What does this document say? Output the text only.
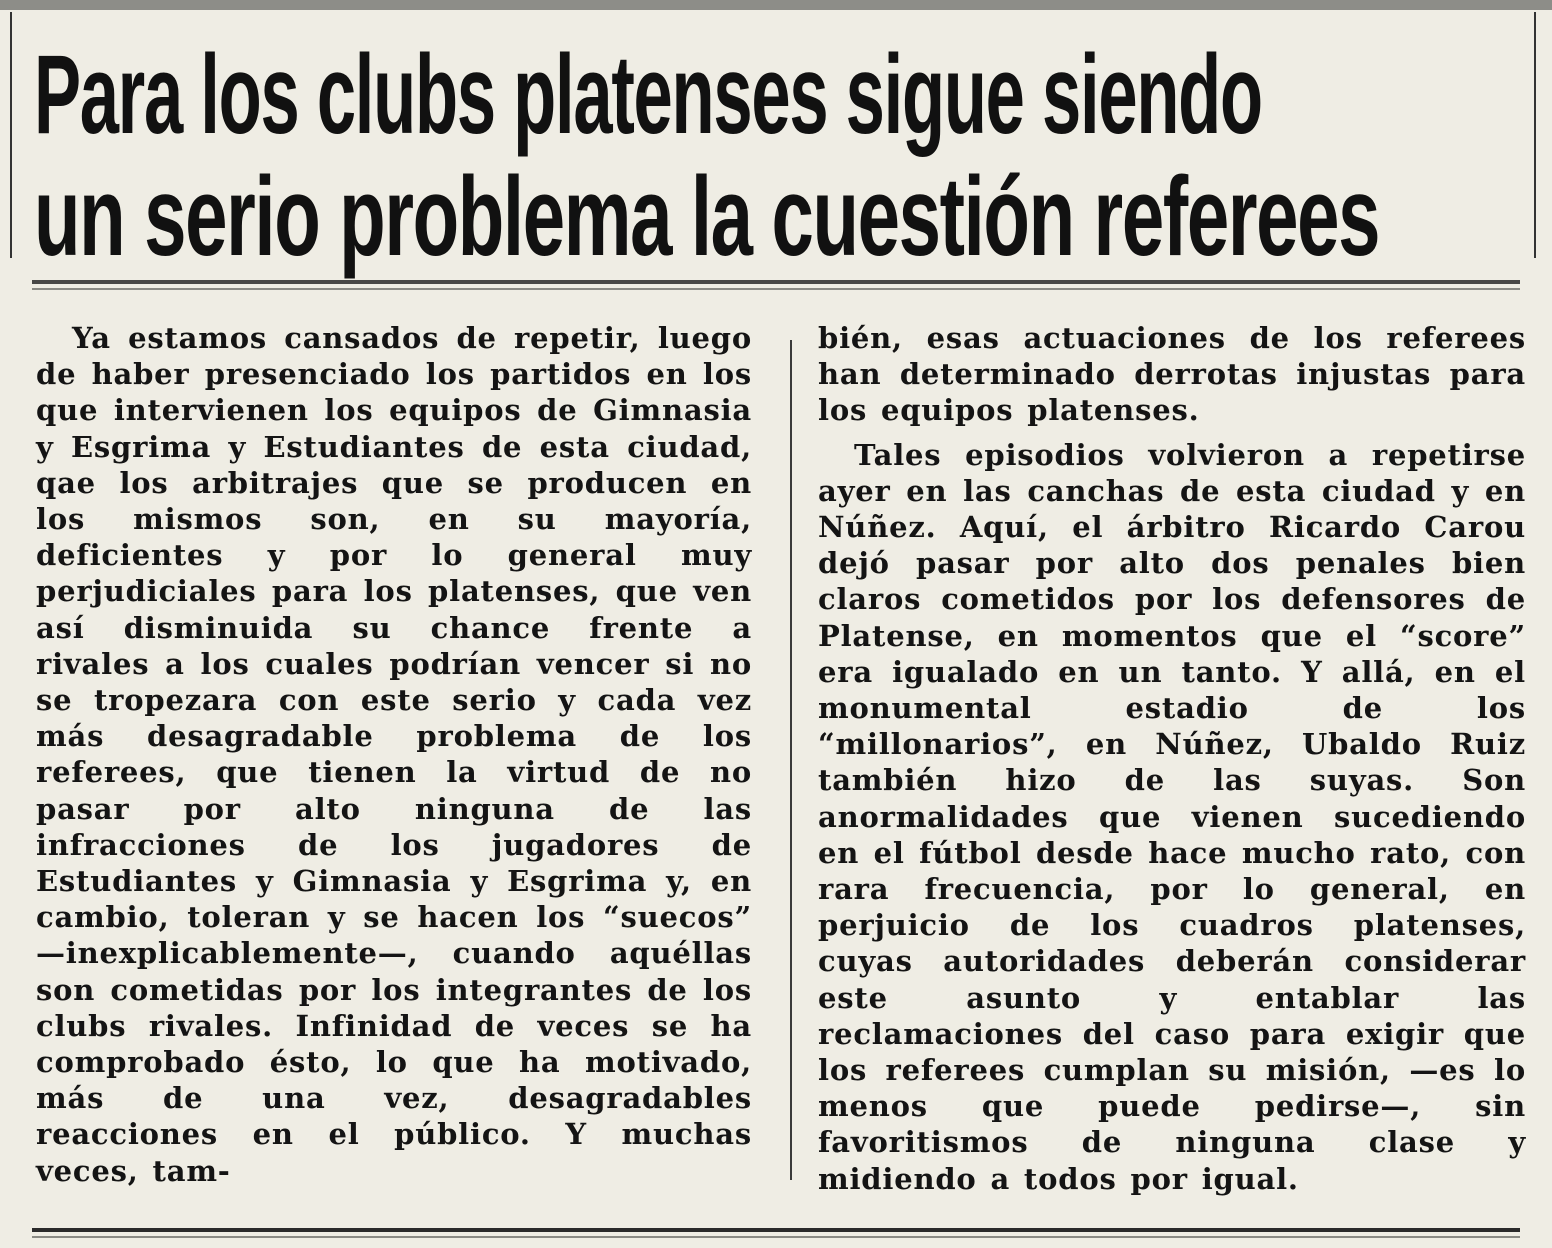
Para los clubs platenses sigue siendo
un serio problema la cuestión referees

Ya estamos cansados de repetir, luego de haber presenciado los partidos en los que intervienen los equipos de Gimnasia y Esgrima y Estudiantes de esta ciudad, qae los arbitrajes que se producen en los mismos son, en su mayoría, deficientes y por lo general muy perjudiciales para los platenses, que ven así disminuida su chance frente a rivales a los cuales podrían vencer si no se tropezara con este serio y cada vez más desagradable problema de los referees, que tienen la virtud de no pasar por alto ninguna de las infracciones de los jugadores de Estudiantes y Gimnasia y Esgrima y, en cambio, toleran y se hacen los “suecos” —inexplicablemente—, cuando aquéllas son cometidas por los integrantes de los clubs rivales. Infinidad de veces se ha comprobado ésto, lo que ha motivado, más de una vez, desagradables reacciones en el público. Y muchas veces, tam-

bién, esas actuaciones de los referees han determinado derrotas injustas para los equipos platenses.

Tales episodios volvieron a repetirse ayer en las canchas de esta ciudad y en Núñez. Aquí, el árbitro Ricardo Carou dejó pasar por alto dos penales bien claros cometidos por los defensores de Platense, en momentos que el “score” era igualado en un tanto. Y allá, en el monumental estadio de los “millonarios”, en Núñez, Ubaldo Ruiz también hizo de las suyas. Son anormalidades que vienen sucediendo en el fútbol desde hace mucho rato, con rara frecuencia, por lo general, en perjuicio de los cuadros platenses, cuyas autoridades deberán considerar este asunto y entablar las reclamaciones del caso para exigir que los referees cumplan su misión, —es lo menos que puede pedirse—, sin favoritismos de ninguna clase y midiendo a todos por igual.
